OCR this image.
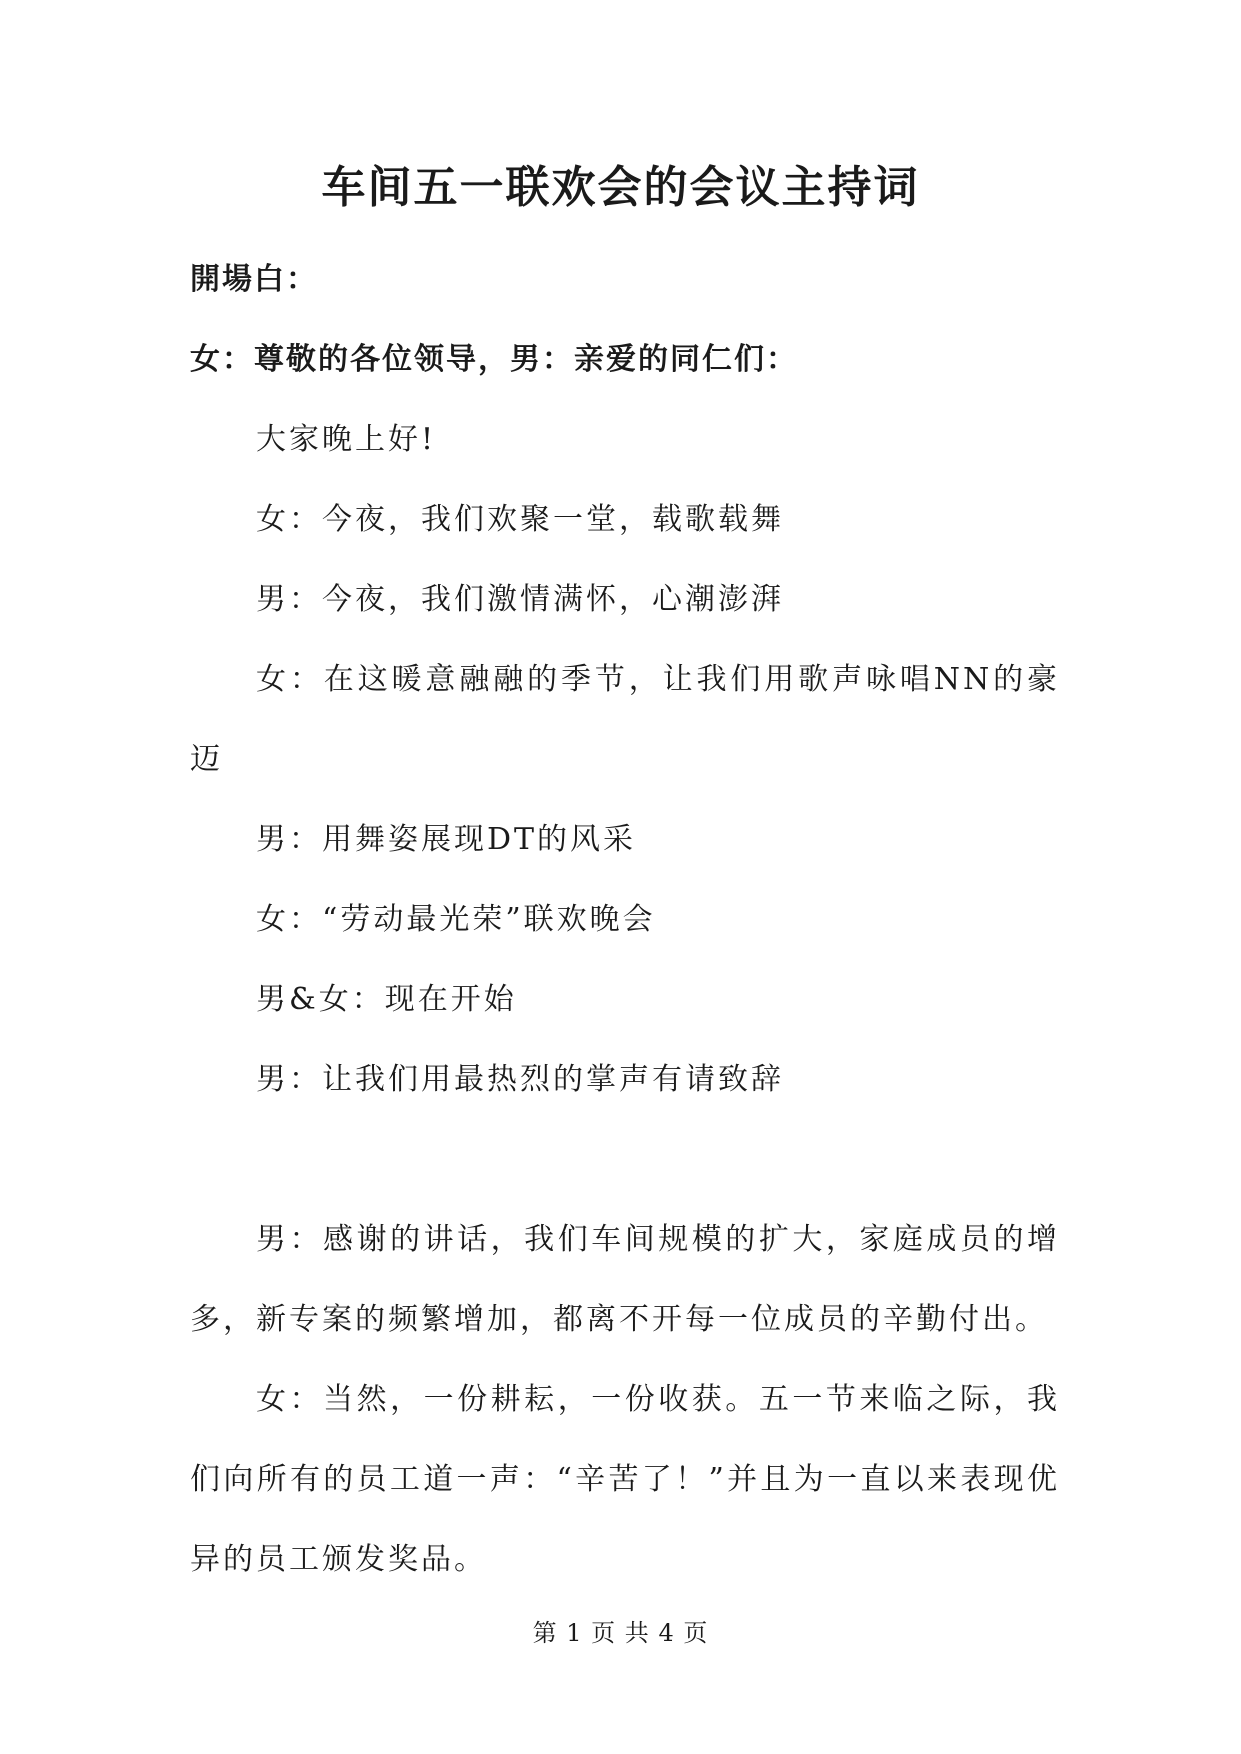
车间五一联欢会的会议主持词

開場白：

女：尊敬的各位领导，男：亲爱的同仁们：

大家晚上好!

女：今夜，我们欢聚一堂，载歌载舞

男：今夜，我们激情满怀，心潮澎湃

女：在这暖意融融的季节，让我们用歌声咏唱NN的豪迈

男：用舞姿展现DT的风采

女：“劳动最光荣”联欢晚会

男&女：现在开始

男：让我们用最热烈的掌声有请致辞

男：感谢的讲话，我们车间规模的扩大，家庭成员的增多，新专案的频繁增加，都离不开每一位成员的辛勤付出。

女：当然，一份耕耘，一份收获。五一节来临之际，我们向所有的员工道一声：“辛苦了！”并且为一直以来表现优异的员工颁发奖品。

第 1 页 共 4 页
